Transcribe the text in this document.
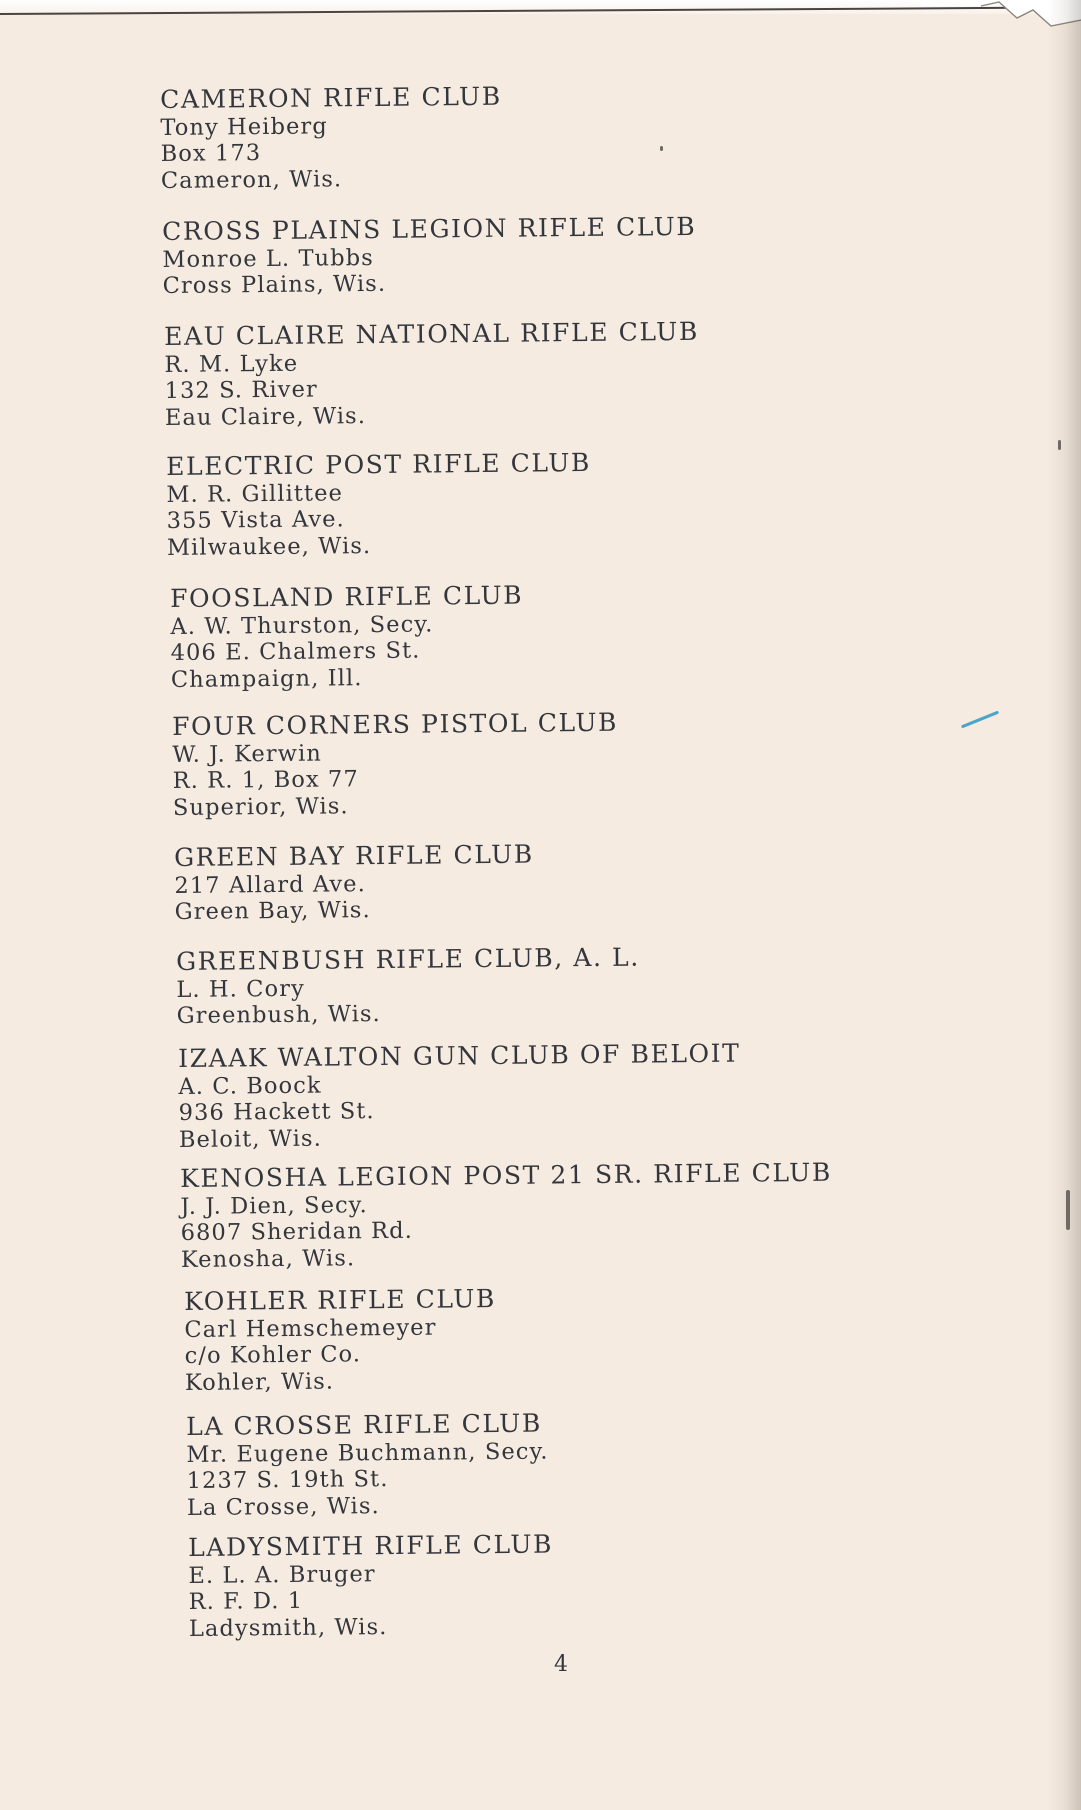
CAMERON RIFLE CLUB
Tony Heiberg
Box 173
Cameron, Wis.
CROSS PLAINS LEGION RIFLE CLUB
Monroe L. Tubbs
Cross Plains, Wis.
EAU CLAIRE NATIONAL RIFLE CLUB
R. M. Lyke
132 S. River
Eau Claire, Wis.
ELECTRIC POST RIFLE CLUB
M. R. Gillittee
355 Vista Ave.
Milwaukee, Wis.
FOOSLAND RIFLE CLUB
A. W. Thurston, Secy.
406 E. Chalmers St.
Champaign, Ill.
FOUR CORNERS PISTOL CLUB
W. J. Kerwin
R. R. 1, Box 77
Superior, Wis.
GREEN BAY RIFLE CLUB
217 Allard Ave.
Green Bay, Wis.
GREENBUSH RIFLE CLUB, A. L.
L. H. Cory
Greenbush, Wis.
IZAAK WALTON GUN CLUB OF BELOIT
A. C. Boock
936 Hackett St.
Beloit, Wis.
KENOSHA LEGION POST 21 SR. RIFLE CLUB
J. J. Dien, Secy.
6807 Sheridan Rd.
Kenosha, Wis.
KOHLER RIFLE CLUB
Carl Hemschemeyer
c/o Kohler Co.
Kohler, Wis.
LA CROSSE RIFLE CLUB
Mr. Eugene Buchmann, Secy.
1237 S. 19th St.
La Crosse, Wis.
LADYSMITH RIFLE CLUB
E. L. A. Bruger
R. F. D. 1
Ladysmith, Wis.
4
